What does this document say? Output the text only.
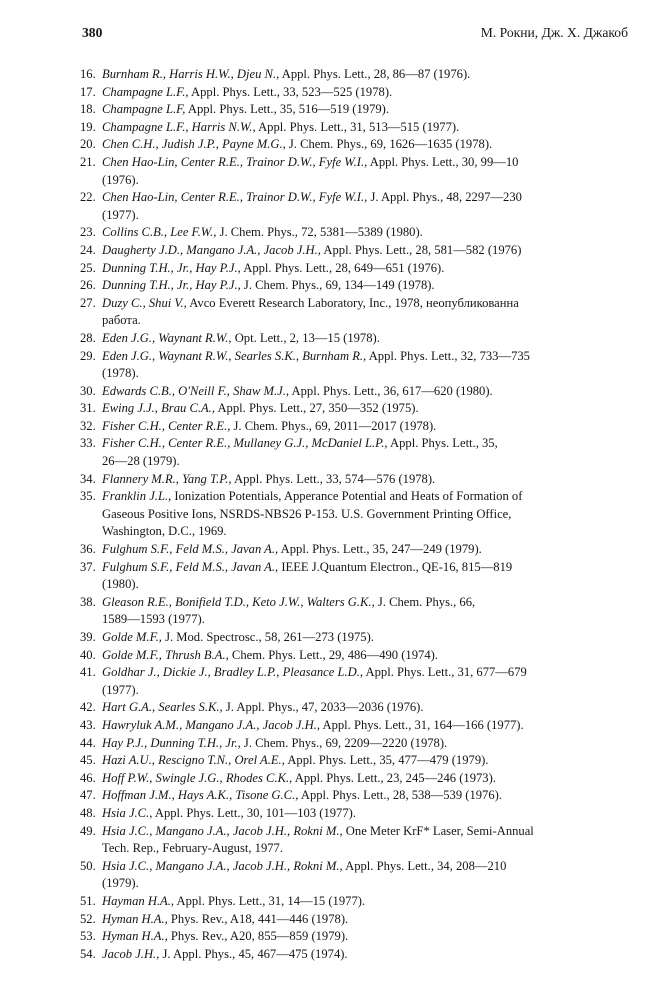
380	М. Рокни, Дж. Х. Джакоб
16. Burnham R., Harris H.W., Djeu N., Appl. Phys. Lett., 28, 86—87 (1976).
17. Champagne L.F., Appl. Phys. Lett., 33, 523—525 (1978).
18. Champagne L.F, Appl. Phys. Lett., 35, 516—519 (1979).
19. Champagne L.F., Harris N.W., Appl. Phys. Lett., 31, 513—515 (1977).
20. Chen C.H., Judish J.P., Payne M.G., J. Chem. Phys., 69, 1626—1635 (1978).
21. Chen Hao-Lin, Center R.E., Trainor D.W., Fyfe W.I., Appl. Phys. Lett., 30, 99—10
(1976).
22. Chen Hao-Lin, Center R.E., Trainor D.W., Fyfe W.I., J. Appl. Phys., 48, 2297—230
(1977).
23. Collins C.B., Lee F.W., J. Chem. Phys., 72, 5381—5389 (1980).
24. Daugherty J.D., Mangano J.A., Jacob J.H., Appl. Phys. Lett., 28, 581—582 (1976)
25. Dunning T.H., Jr., Hay P.J., Appl. Phys. Lett., 28, 649—651 (1976).
26. Dunning T.H., Jr., Hay P.J., J. Chem. Phys., 69, 134—149 (1978).
27. Duzy C., Shui V., Avco Everett Research Laboratory, Inc., 1978, неопубликованна
работа.
28. Eden J.G., Waynant R.W., Opt. Lett., 2, 13—15 (1978).
29. Eden J.G., Waynant R.W., Searles S.K., Burnham R., Appl. Phys. Lett., 32, 733—735
(1978).
30. Edwards C.B., O'Neill F., Shaw M.J., Appl. Phys. Lett., 36, 617—620 (1980).
31. Ewing J.J., Brau C.A., Appl. Phys. Lett., 27, 350—352 (1975).
32. Fisher C.H., Center R.E., J. Chem. Phys., 69, 2011—2017 (1978).
33. Fisher C.H., Center R.E., Mullaney G.J., McDaniel L.P., Appl. Phys. Lett., 35,
26—28 (1979).
34. Flannery M.R., Yang T.P., Appl. Phys. Lett., 33, 574—576 (1978).
35. Franklin J.L., Ionization Potentials, Apperance Potential and Heats of Formation of
Gaseous Positive Ions, NSRDS-NBS26 P-153. U.S. Government Printing Office,
Washington, D.C., 1969.
36. Fulghum S.F., Feld M.S., Javan A., Appl. Phys. Lett., 35, 247—249 (1979).
37. Fulghum S.F., Feld M.S., Javan A., IEEE J.Quantum Electron., QE-16, 815—819
(1980).
38. Gleason R.E., Bonifield T.D., Keto J.W., Walters G.K., J. Chem. Phys., 66,
1589—1593 (1977).
39. Golde M.F., J. Mod. Spectrosc., 58, 261—273 (1975).
40. Golde M.F., Thrush B.A., Chem. Phys. Lett., 29, 486—490 (1974).
41. Goldhar J., Dickie J., Bradley L.P., Pleasance L.D., Appl. Phys. Lett., 31, 677—679
(1977).
42. Hart G.A., Searles S.K., J. Appl. Phys., 47, 2033—2036 (1976).
43. Hawryluk A.M., Mangano J.A., Jacob J.H., Appl. Phys. Lett., 31, 164—166 (1977).
44. Hay P.J., Dunning T.H., Jr., J. Chem. Phys., 69, 2209—2220 (1978).
45. Hazi A.U., Rescigno T.N., Orel A.E., Appl. Phys. Lett., 35, 477—479 (1979).
46. Hoff P.W., Swingle J.G., Rhodes C.K., Appl. Phys. Lett., 23, 245—246 (1973).
47. Hoffman J.M., Hays A.K., Tisone G.C., Appl. Phys. Lett., 28, 538—539 (1976).
48. Hsia J.C., Appl. Phys. Lett., 30, 101—103 (1977).
49. Hsia J.C., Mangano J.A., Jacob J.H., Rokni M., One Meter KrF* Laser, Semi-Annual
Tech. Rep., February-August, 1977.
50. Hsia J.C., Mangano J.A., Jacob J.H., Rokni M., Appl. Phys. Lett., 34, 208—210
(1979).
51. Hayman H.A., Appl. Phys. Lett., 31, 14—15 (1977).
52. Hyman H.A., Phys. Rev., A18, 441—446 (1978).
53. Hyman H.A., Phys. Rev., A20, 855—859 (1979).
54. Jacob J.H., J. Appl. Phys., 45, 467—475 (1974).
